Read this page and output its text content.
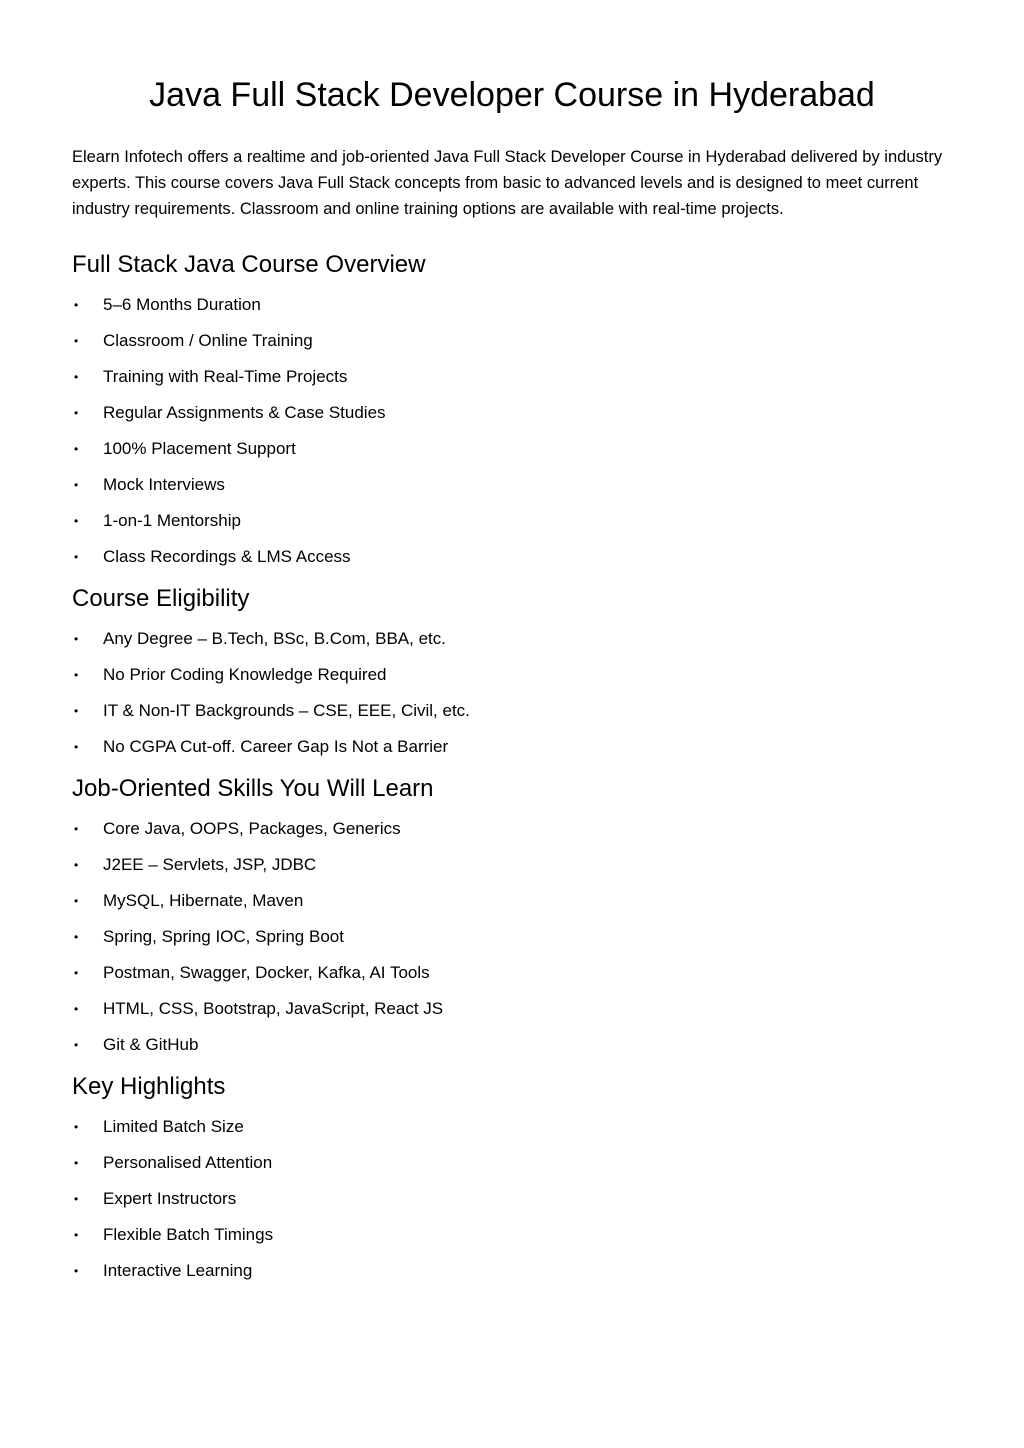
Java Full Stack Developer Course in Hyderabad

Elearn Infotech offers a realtime and job-oriented Java Full Stack Developer Course in Hyderabad delivered by industry experts. This course covers Java Full Stack concepts from basic to advanced levels and is designed to meet current industry requirements. Classroom and online training options are available with real-time projects.

Full Stack Java Course Overview
• 5–6 Months Duration
• Classroom / Online Training
• Training with Real-Time Projects
• Regular Assignments & Case Studies
• 100% Placement Support
• Mock Interviews
• 1-on-1 Mentorship
• Class Recordings & LMS Access
Course Eligibility
• Any Degree – B.Tech, BSc, B.Com, BBA, etc.
• No Prior Coding Knowledge Required
• IT & Non-IT Backgrounds – CSE, EEE, Civil, etc.
• No CGPA Cut-off. Career Gap Is Not a Barrier
Job-Oriented Skills You Will Learn
• Core Java, OOPS, Packages, Generics
• J2EE – Servlets, JSP, JDBC
• MySQL, Hibernate, Maven
• Spring, Spring IOC, Spring Boot
• Postman, Swagger, Docker, Kafka, AI Tools
• HTML, CSS, Bootstrap, JavaScript, React JS
• Git & GitHub
Key Highlights
• Limited Batch Size
• Personalised Attention
• Expert Instructors
• Flexible Batch Timings
• Interactive Learning
